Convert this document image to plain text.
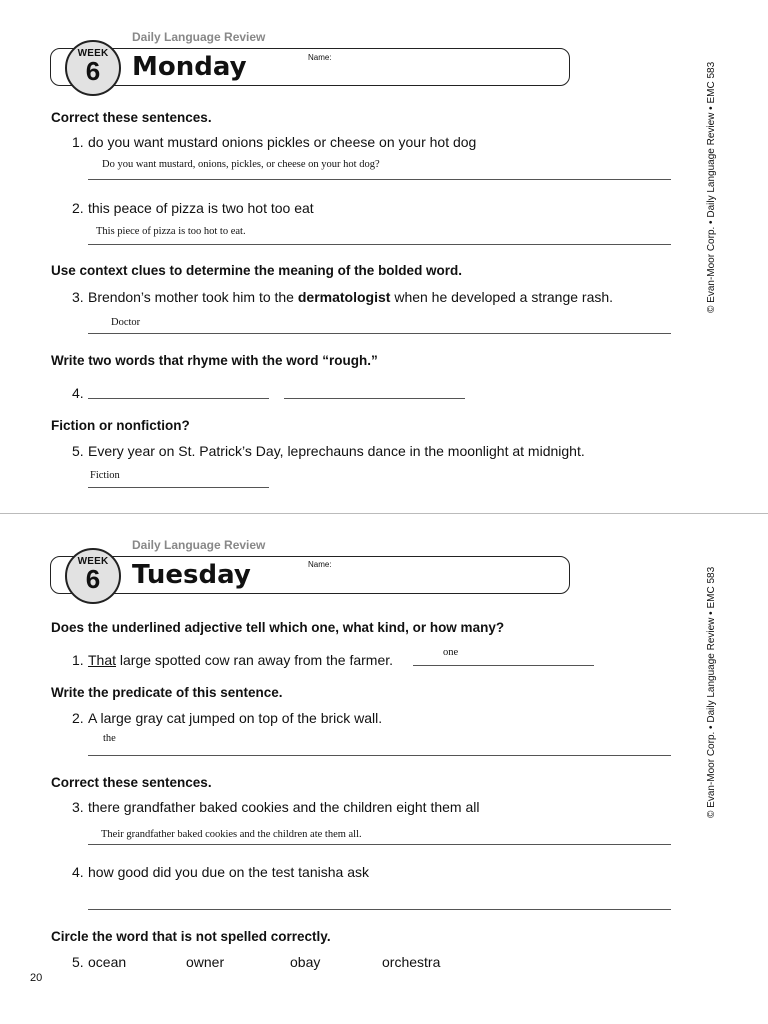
Daily Language Review
WEEK
6	Monday	Name:
Correct these sentences.
1. do you want mustard onions pickles or cheese on your hot dog
Do you want mustard, onions, pickles, or cheese on your hot dog?
2. this peace of pizza is two hot too eat
This piece of pizza is too hot to eat.
Use context clues to determine the meaning of the bolded word.
3. Brendon’s mother took him to the dermatologist when he developed a strange rash.
Doctor
Write two words that rhyme with the word “rough.”
4.
Fiction or nonfiction?
5. Every year on St. Patrick’s Day, leprechauns dance in the moonlight at midnight.
Fiction
Daily Language Review
WEEK
6	Tuesday	Name:
Does the underlined adjective tell which one, what kind, or how many?
1. That large spotted cow ran away from the farmer.	one
Write the predicate of this sentence.
2. A large gray cat jumped on top of the brick wall.
the
Correct these sentences.
3. there grandfather baked cookies and the children eight them all
Their grandfather baked cookies and the children ate them all.
4. how good did you due on the test tanisha ask
Circle the word that is not spelled correctly.
5. ocean	owner	obay	orchestra
20
© Evan-Moor Corp. • Daily Language Review • EMC 583
© Evan-Moor Corp. • Daily Language Review • EMC 583
